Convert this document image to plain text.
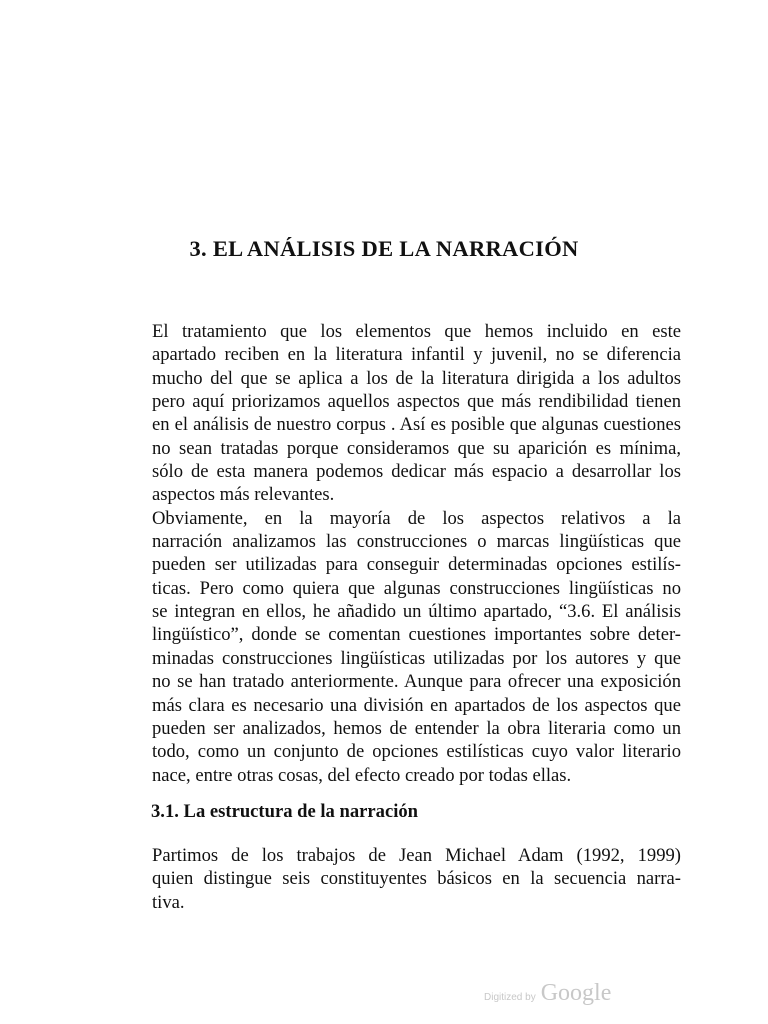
3. EL ANÁLISIS DE LA NARRACIÓN

El tratamiento que los elementos que hemos incluido en este
apartado reciben en la literatura infantil y juvenil, no se diferencia
mucho del que se aplica a los de la literatura dirigida a los adultos
pero aquí priorizamos aquellos aspectos que más rendibilidad tienen
en el análisis de nuestro corpus . Así es posible que algunas cuestiones
no sean tratadas porque consideramos que su aparición es mínima,
sólo de esta manera podemos dedicar más espacio a desarrollar los
aspectos más relevantes.

Obviamente, en la mayoría de los aspectos relativos a la
narración analizamos las construcciones o marcas lingüísticas que
pueden ser utilizadas para conseguir determinadas opciones estilís-
ticas. Pero como quiera que algunas construcciones lingüísticas no
se integran en ellos, he añadido un último apartado, “3.6. El análisis
lingüístico”, donde se comentan cuestiones importantes sobre deter-
minadas construcciones lingüísticas utilizadas por los autores y que
no se han tratado anteriormente. Aunque para ofrecer una exposición
más clara es necesario una división en apartados de los aspectos que
pueden ser analizados, hemos de entender la obra literaria como un
todo, como un conjunto de opciones estilísticas cuyo valor literario
nace, entre otras cosas, del efecto creado por todas ellas.

3.1. La estructura de la narración

Partimos de los trabajos de Jean Michael Adam (1992, 1999)
quien distingue seis constituyentes básicos en la secuencia narra-
tiva.

Digitized by Google
